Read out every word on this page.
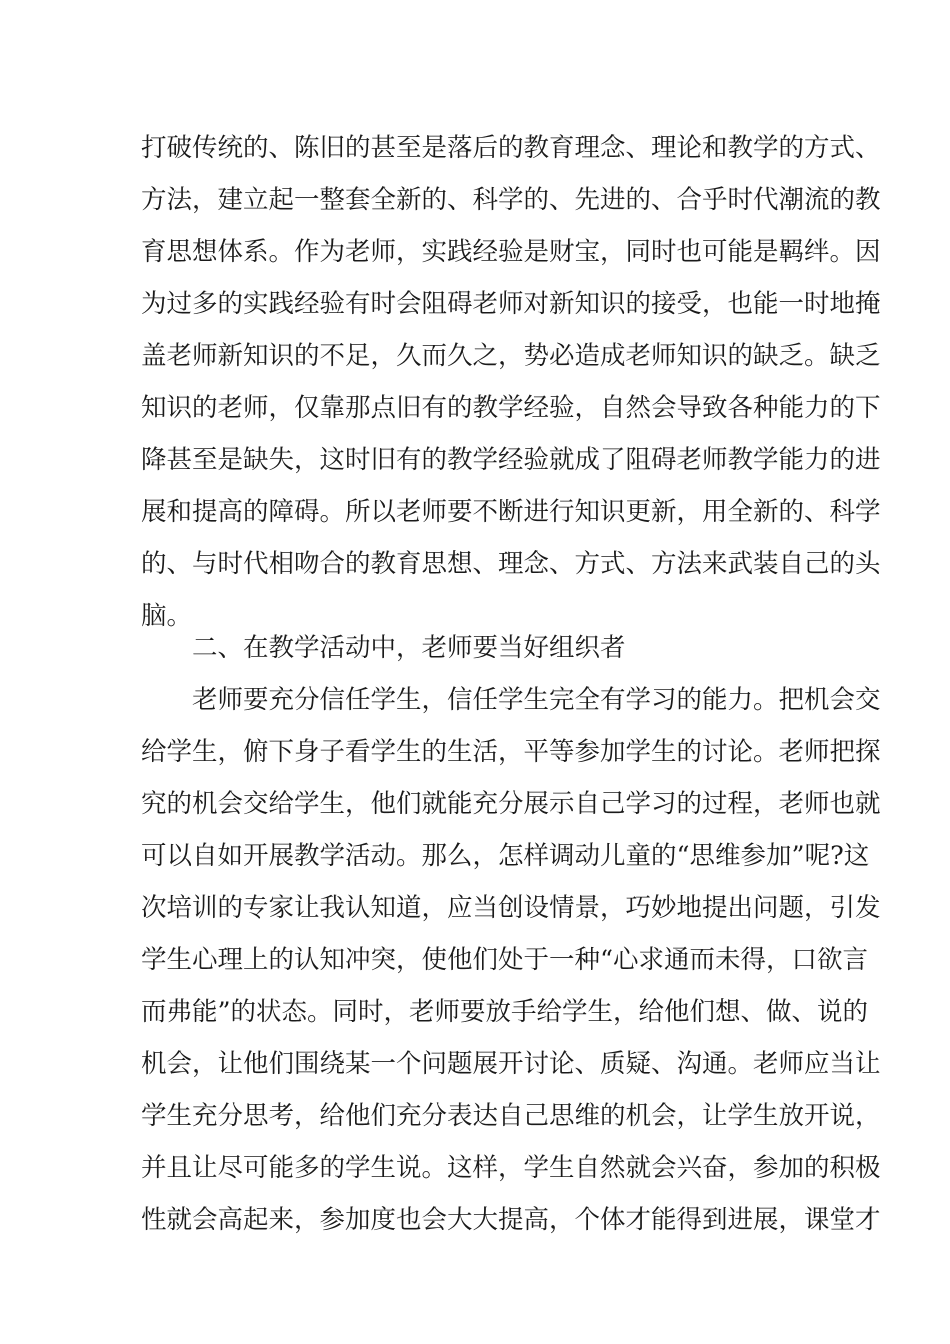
打破传统的、陈旧的甚至是落后的教育理念、理论和教学的方式、
方法，建立起一整套全新的、科学的、先进的、合乎时代潮流的教
育思想体系。作为老师，实践经验是财宝，同时也可能是羁绊。因
为过多的实践经验有时会阻碍老师对新知识的接受，也能一时地掩
盖老师新知识的不足，久而久之，势必造成老师知识的缺乏。缺乏
知识的老师，仅靠那点旧有的教学经验，自然会导致各种能力的下
降甚至是缺失，这时旧有的教学经验就成了阻碍老师教学能力的进
展和提高的障碍。所以老师要不断进行知识更新，用全新的、科学
的、与时代相吻合的教育思想、理念、方式、方法来武装自己的头
脑。
二、在教学活动中，老师要当好组织者
老师要充分信任学生，信任学生完全有学习的能力。把机会交
给学生，俯下身子看学生的生活，平等参加学生的讨论。老师把探
究的机会交给学生，他们就能充分展示自己学习的过程，老师也就
可以自如开展教学活动。那么，怎样调动儿童的“思维参加”呢?这
次培训的专家让我认知道，应当创设情景，巧妙地提出问题，引发
学生心理上的认知冲突，使他们处于一种“心求通而未得，口欲言
而弗能”的状态。同时，老师要放手给学生，给他们想、做、说的
机会，让他们围绕某一个问题展开讨论、质疑、沟通。老师应当让
学生充分思考，给他们充分表达自己思维的机会，让学生放开说，
并且让尽可能多的学生说。这样，学生自然就会兴奋，参加的积极
性就会高起来，参加度也会大大提高，个体才能得到进展，课堂才
